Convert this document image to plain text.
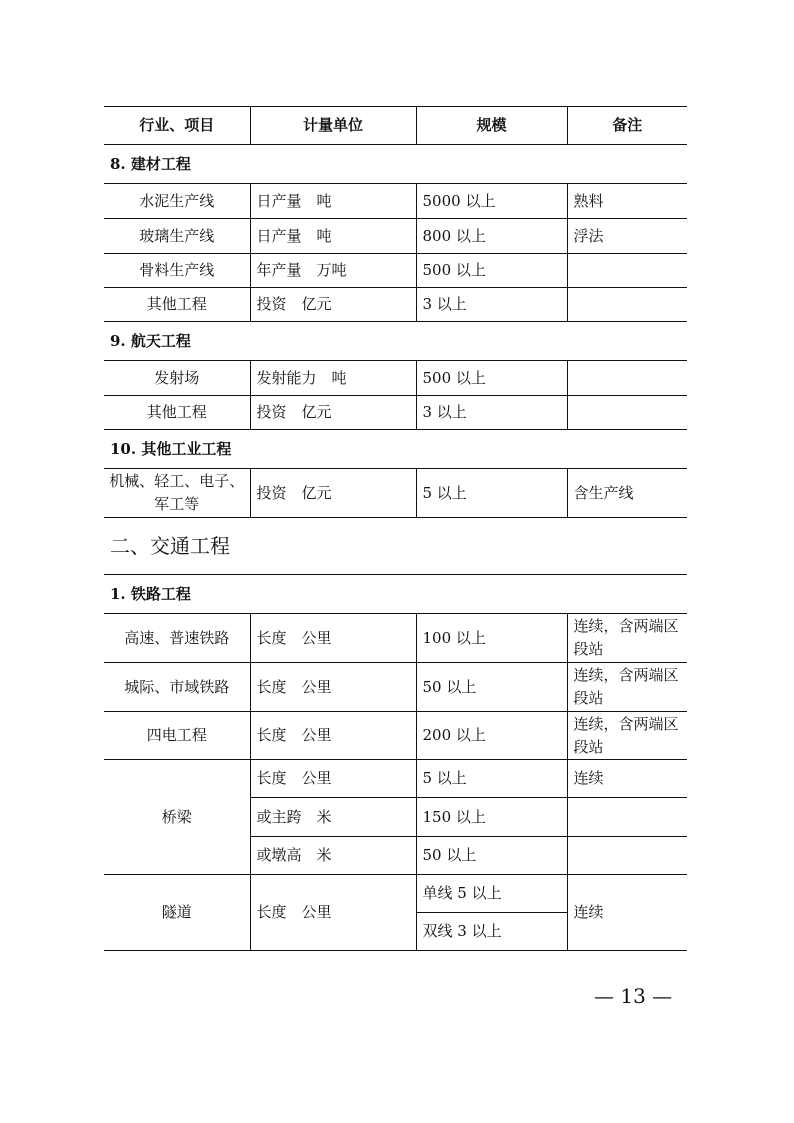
行业、项目	计量单位	规模	备注
8. 建材工程			
水泥生产线	日产量　吨	5000 以上	熟料
玻璃生产线	日产量　吨	800 以上	浮法
骨料生产线	年产量　万吨	500 以上	
其他工程	投资　亿元	3 以上	
9. 航天工程			
发射场	发射能力　吨	500 以上	
其他工程	投资　亿元	3 以上	
10. 其他工业工程			
机械、轻工、电子、军工等	投资　亿元	5 以上	含生产线
二、交通工程			
1. 铁路工程			
高速、普速铁路	长度　公里	100 以上	连续，含两端区段站
城际、市域铁路	长度　公里	50 以上	连续，含两端区段站
四电工程	长度　公里	200 以上	连续，含两端区段站
桥梁	长度　公里	5 以上	连续
	或主跨　米	150 以上	
	或墩高　米	50 以上	
隧道	长度　公里	单线 5 以上	连续
		双线 3 以上	
— 13 —
